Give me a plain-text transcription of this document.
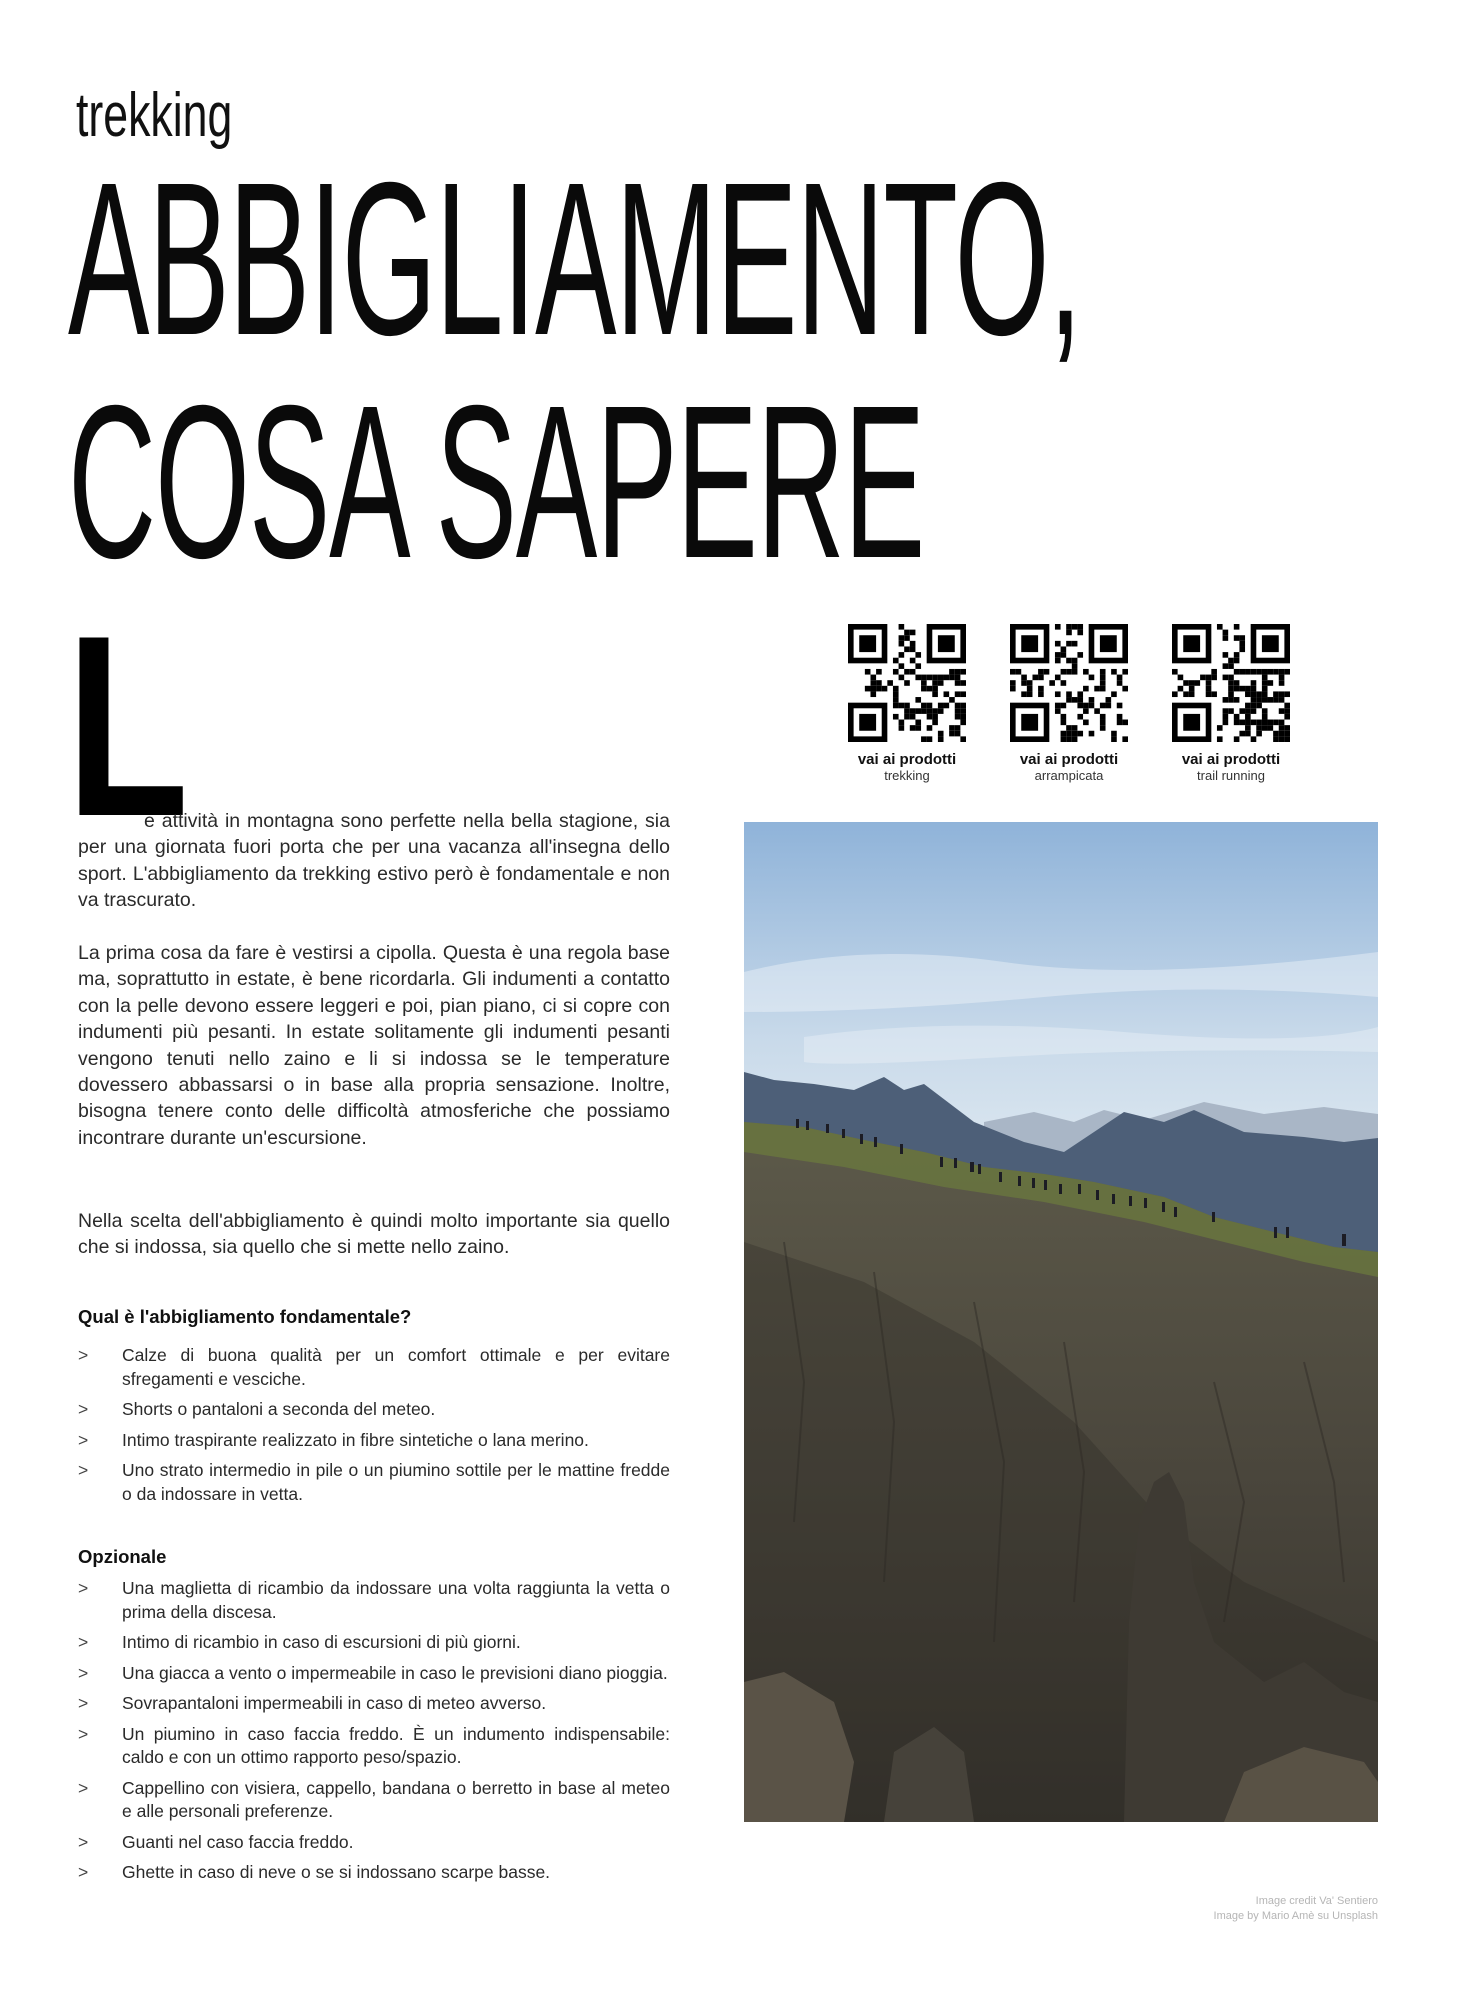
trekking
ABBIGLIAMENTO,
COSA SAPERE
vai ai prodotti
trekking
vai ai prodotti
arrampicata
vai ai prodotti
trail running
L

e attività in montagna sono perfette nella bella stagione, sia per una giornata fuori porta che per una vacanza all'insegna dello sport. L'abbigliamento da trekking estivo però è fondamentale e non va trascurato.

La prima cosa da fare è vestirsi a cipolla. Questa è una regola base ma, soprattutto in estate, è bene ricordarla. Gli indumenti a contatto con la pelle devono essere leggeri e poi, pian piano, ci si copre con indumenti più pesanti. In estate solitamente gli indumenti pesanti vengono tenuti nello zaino e li si indossa se le temperature dovessero abbassarsi o in base alla propria sensazione. Inoltre, bisogna tenere conto delle difficoltà atmosferiche che possiamo incontrare durante un'escursione.

Nella scelta dell'abbigliamento è quindi molto importante sia quello che si indossa, sia quello che si mette nello zaino.

Qual è l'abbigliamento fondamentale?
> Calze di buona qualità per un comfort ottimale e per evitare sfregamenti e vesciche.
> Shorts o pantaloni a seconda del meteo.
> Intimo traspirante realizzato in fibre sintetiche o lana merino.
> Uno strato intermedio in pile o un piumino sottile per le mattine fredde o da indossare in vetta.
Opzionale
> Una maglietta di ricambio da indossare una volta raggiunta la vetta o prima della discesa.
> Intimo di ricambio in caso di escursioni di più giorni.
> Una giacca a vento o impermeabile in caso le previsioni diano pioggia.
> Sovrapantaloni impermeabili in caso di meteo avverso.
> Un piumino in caso faccia freddo. È un indumento indispensabile: caldo e con un ottimo rapporto peso/spazio.
> Cappellino con visiera, cappello, bandana o berretto in base al meteo e alle personali preferenze.
> Guanti nel caso faccia freddo.
> Ghette in caso di neve o se si indossano scarpe basse.
Image credit Va' Sentiero
Image by Mario Amè su Unsplash
